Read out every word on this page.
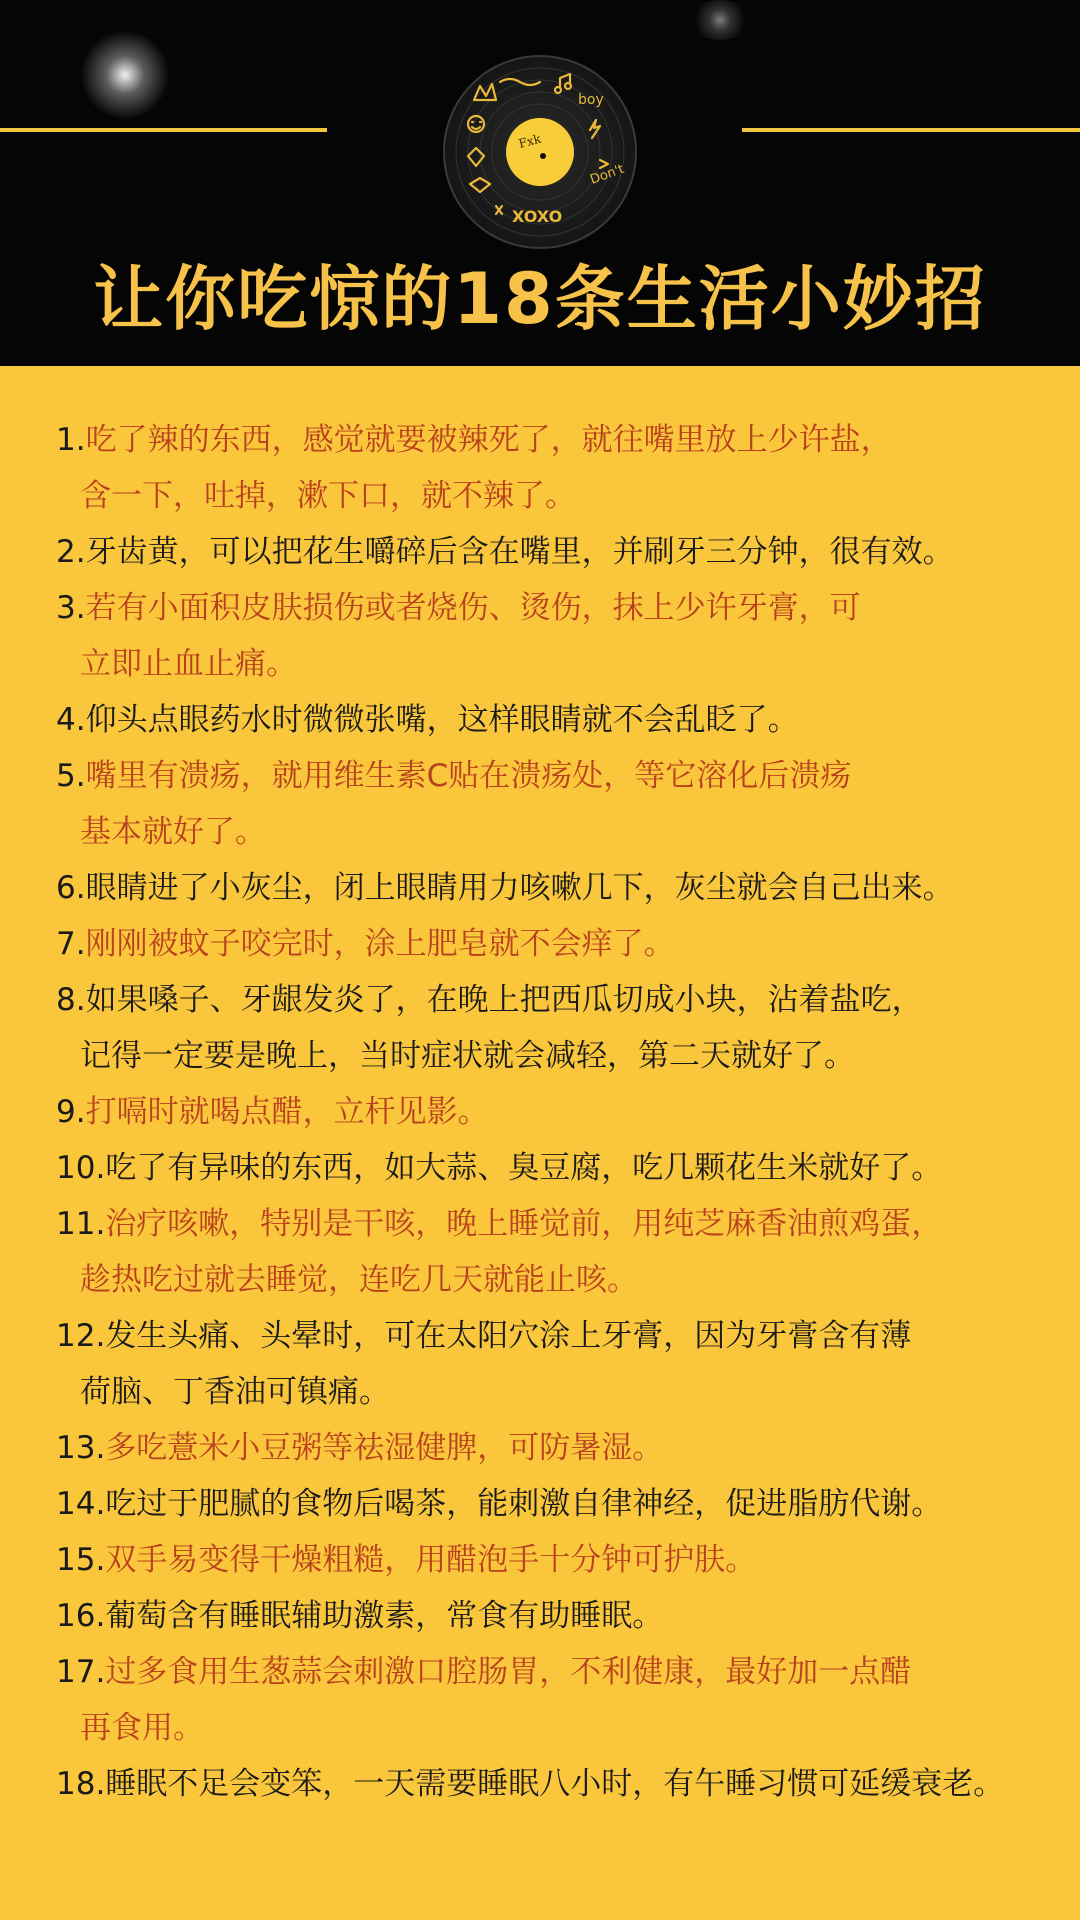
boy
Don't
XOXO
Fxk
让你吃惊的18条生活小妙招
1.吃了辣的东西，感觉就要被辣死了，就往嘴里放上少许盐，
含一下，吐掉，漱下口，就不辣了。
2.牙齿黄，可以把花生嚼碎后含在嘴里，并刷牙三分钟，很有效。
3.若有小面积皮肤损伤或者烧伤、烫伤，抹上少许牙膏，可
立即止血止痛。
4.仰头点眼药水时微微张嘴，这样眼睛就不会乱眨了。
5.嘴里有溃疡，就用维生素C贴在溃疡处，等它溶化后溃疡
基本就好了。
6.眼睛进了小灰尘，闭上眼睛用力咳嗽几下，灰尘就会自己出来。
7.刚刚被蚊子咬完时，涂上肥皂就不会痒了。
8.如果嗓子、牙龈发炎了，在晚上把西瓜切成小块，沾着盐吃，
记得一定要是晚上，当时症状就会减轻，第二天就好了。
9.打嗝时就喝点醋，立杆见影。
10.吃了有异味的东西，如大蒜、臭豆腐，吃几颗花生米就好了。
11.治疗咳嗽，特别是干咳，晚上睡觉前，用纯芝麻香油煎鸡蛋，
趁热吃过就去睡觉，连吃几天就能止咳。
12.发生头痛、头晕时，可在太阳穴涂上牙膏，因为牙膏含有薄
荷脑、丁香油可镇痛。
13.多吃薏米小豆粥等祛湿健脾，可防暑湿。
14.吃过于肥腻的食物后喝茶，能刺激自律神经，促进脂肪代谢。
15.双手易变得干燥粗糙，用醋泡手十分钟可护肤。
16.葡萄含有睡眠辅助激素，常食有助睡眠。
17.过多食用生葱蒜会刺激口腔肠胃，不利健康，最好加一点醋
再食用。
18.睡眠不足会变笨，一天需要睡眠八小时，有午睡习惯可延缓衰老。
